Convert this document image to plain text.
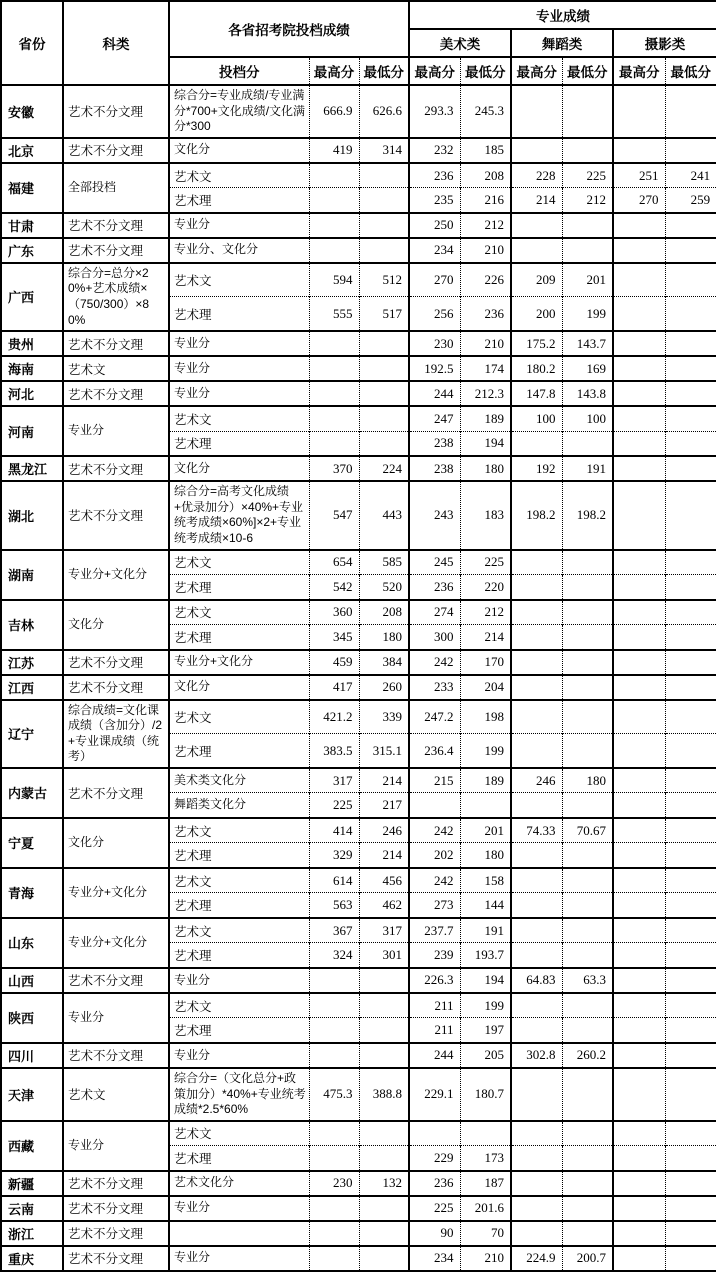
省份	科类	各省招考院投档成绩			专业成绩					
					美术类		舞蹈类		摄影类	
		投档分	最高分	最低分	最高分	最低分	最高分	最低分	最高分	最低分
安徽	艺术不分文理	综合分=专业成绩/专业满分*700+文化成绩/文化满分*300	666.9	626.6	293.3	245.3				
北京	艺术不分文理	文化分	419	314	232	185				
福建	全部投档	艺术文			236	208	228	225	251	241
		艺术理			235	216	214	212	270	259
甘肃	艺术不分文理	专业分			250	212				
广东	艺术不分文理	专业分、文化分			234	210				
广西	综合分=总分×20%+艺术成绩×（750/300）×80%	艺术文	594	512	270	226	209	201		
		艺术理	555	517	256	236	200	199		
贵州	艺术不分文理	专业分			230	210	175.2	143.7		
海南	艺术文	专业分			192.5	174	180.2	169		
河北	艺术不分文理	专业分			244	212.3	147.8	143.8		
河南	专业分	艺术文			247	189	100	100		
		艺术理			238	194				
黑龙江	艺术不分文理	文化分	370	224	238	180	192	191		
湖北	艺术不分文理	综合分=高考文化成绩+优录加分）×40%+专业统考成绩×60%]×2+专业统考成绩×10-6	547	443	243	183	198.2	198.2		
湖南	专业分+文化分	艺术文	654	585	245	225				
		艺术理	542	520	236	220				
吉林	文化分	艺术文	360	208	274	212				
		艺术理	345	180	300	214				
江苏	艺术不分文理	专业分+文化分	459	384	242	170				
江西	艺术不分文理	文化分	417	260	233	204				
辽宁	综合成绩=文化课成绩（含加分）/2+专业课成绩（统考）	艺术文	421.2	339	247.2	198				
		艺术理	383.5	315.1	236.4	199				
内蒙古	艺术不分文理	美术类文化分	317	214	215	189	246	180		
		舞蹈类文化分	225	217						
宁夏	文化分	艺术文	414	246	242	201	74.33	70.67		
		艺术理	329	214	202	180				
青海	专业分+文化分	艺术文	614	456	242	158				
		艺术理	563	462	273	144				
山东	专业分+文化分	艺术文	367	317	237.7	191				
		艺术理	324	301	239	193.7				
山西	艺术不分文理	专业分			226.3	194	64.83	63.3		
陕西	专业分	艺术文			211	199				
		艺术理			211	197				
四川	艺术不分文理	专业分			244	205	302.8	260.2		
天津	艺术文	综合分=（文化总分+政策加分）*40%+专业统考成绩*2.5*60%	475.3	388.8	229.1	180.7				
西藏	专业分	艺术文								
		艺术理			229	173				
新疆	艺术不分文理	艺术文化分	230	132	236	187				
云南	艺术不分文理	专业分			225	201.6				
浙江	艺术不分文理				90	70				
重庆	艺术不分文理	专业分			234	210	224.9	200.7		
